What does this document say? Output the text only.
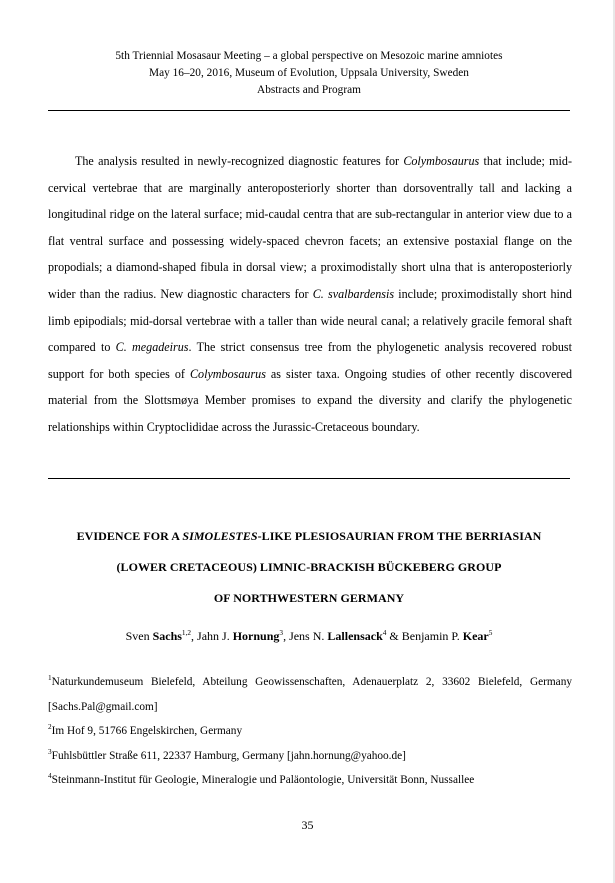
5th Triennial Mosasaur Meeting – a global perspective on Mesozoic marine amniotes
May 16–20, 2016, Museum of Evolution, Uppsala University, Sweden
Abstracts and Program

The analysis resulted in newly-recognized diagnostic features for Colymbosaurus that include; mid-cervical vertebrae that are marginally anteroposteriorly shorter than dorsoventrally tall and lacking a longitudinal ridge on the lateral surface; mid-caudal centra that are sub-rectangular in anterior view due to a flat ventral surface and possessing widely-spaced chevron facets; an extensive postaxial flange on the propodials; a diamond-shaped fibula in dorsal view; a proximodistally short ulna that is anteroposteriorly wider than the radius. New diagnostic characters for C. svalbardensis include; proximodistally short hind limb epipodials; mid-dorsal vertebrae with a taller than wide neural canal; a relatively gracile femoral shaft compared to C. megadeirus. The strict consensus tree from the phylogenetic analysis recovered robust support for both species of Colymbosaurus as sister taxa. Ongoing studies of other recently discovered material from the Slottsmøya Member promises to expand the diversity and clarify the phylogenetic relationships within Cryptoclididae across the Jurassic-Cretaceous boundary.

EVIDENCE FOR A SIMOLESTES-LIKE PLESIOSAURIAN FROM THE BERRIASIAN
(LOWER CRETACEOUS) LIMNIC-BRACKISH BÜCKEBERG GROUP
OF NORTHWESTERN GERMANY
Sven Sachs$^{1,2}$, Jahn J. Hornung$^3$, Jens N. Lallensack$^4$ & Benjamin P. Kear$^5$
$^1$Naturkundemuseum Bielefeld, Abteilung Geowissenschaften, Adenauerplatz 2, 33602 Bielefeld, Germany [Sachs.Pal@gmail.com]
$^2$Im Hof 9, 51766 Engelskirchen, Germany
$^3$Fuhlsbüttler Straße 611, 22337 Hamburg, Germany [jahn.hornung@yahoo.de]
$^4$Steinmann-Institut für Geologie, Mineralogie und Paläontologie, Universität Bonn, Nussallee
35
